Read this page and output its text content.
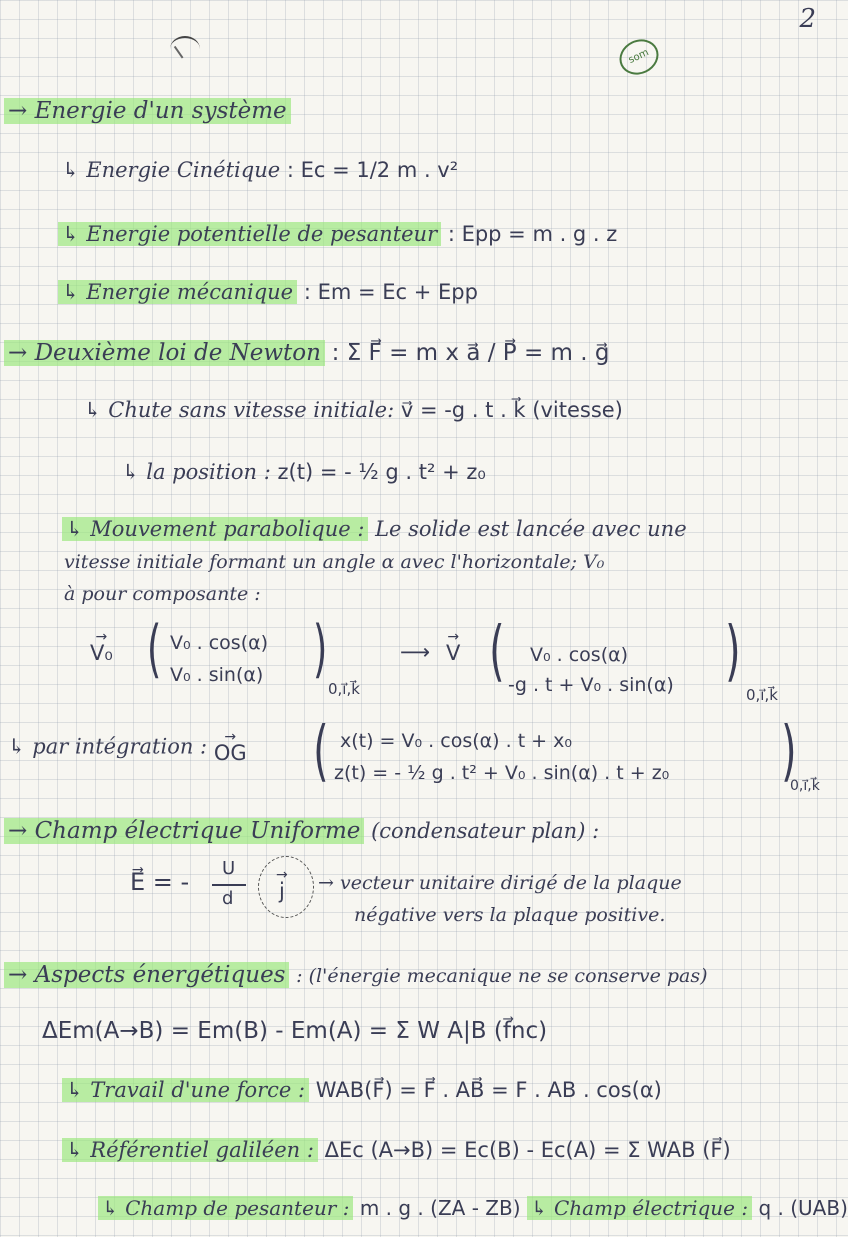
2
som
→ Energie d'un système
↳ Energie Cinétique : Ec = 1/2 m . v²
↳ Energie potentielle de pesanteur : Epp = m . g . z
↳ Energie mécanique : Em = Ec + Epp
→ Deuxième loi de Newton : Σ F⃗ = m x a⃗ / P⃗ = m . g⃗
↳ Chute sans vitesse initiale: v⃗ = -g . t . k⃗ (vitesse)
↳ la position : z(t) = - ½ g . t² + z₀
↳ Mouvement parabolique : Le solide est lancée avec une
vitesse initiale formant un angle α avec l'horizontale; V₀
à pour composante :
→
V₀ ( V₀ . cos(α)
V₀ . sin(α) )
0,i⃗,k⃗
⟶
→
V ( V₀ . cos(α)
-g . t + V₀ . sin(α) )
0,i⃗,k⃗
↳ par intégration :	→
OG ( x(t) = V₀ . cos(α) . t + x₀
z(t) = - ½ g . t² + V₀ . sin(α) . t + z₀ )
0,i⃗,k⃗
→ Champ électrique Uniforme (condensateur plan) :
E⃗ = - U
d
→
j → vecteur unitaire dirigé de la plaque
négative vers la plaque positive.
→ Aspects énergétiques : (l'énergie mecanique ne se conserve pas)
ΔEm(A→B) = Em(B) - Em(A) = Σ W A|B (f⃗nc)
↳ Travail d'une force : WAB(F⃗) = F⃗ . AB⃗ = F . AB . cos(α)
↳ Référentiel galiléen : ΔEc (A→B) = Ec(B) - Ec(A) = Σ WAB (F⃗)
↳ Champ de pesanteur : m . g . (ZA - ZB) ↳ Champ électrique : q . (UAB)
